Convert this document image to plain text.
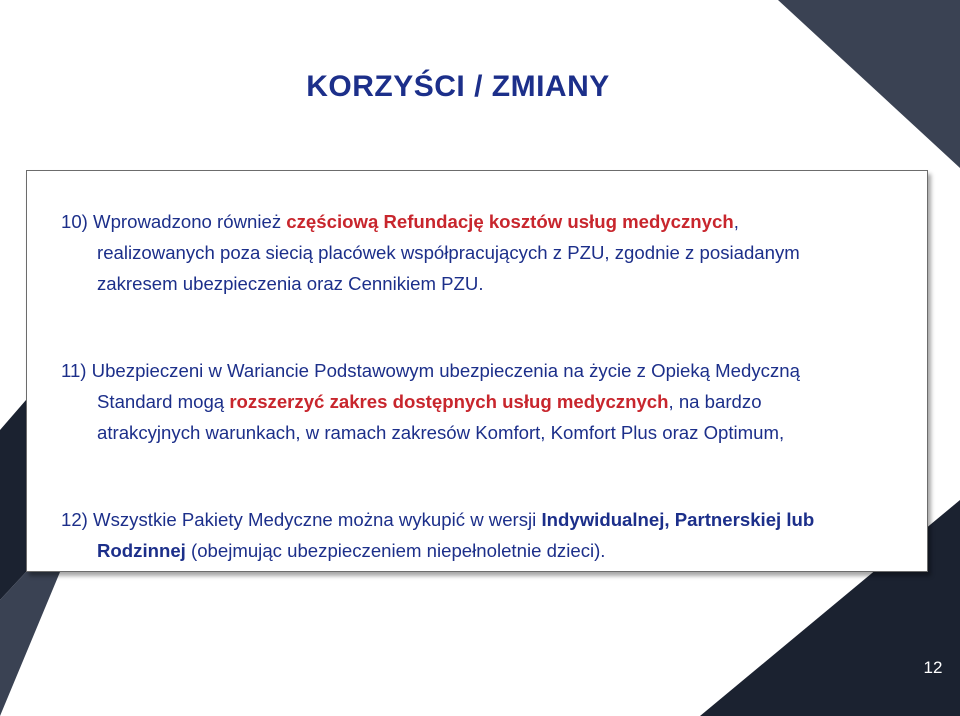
KORZYŚCI / ZMIANY
10) Wprowadzono również częściową Refundację kosztów usług medycznych,
realizowanych poza siecią placówek współpracujących z PZU, zgodnie z posiadanym
zakresem ubezpieczenia oraz Cennikiem PZU.
11) Ubezpieczeni w Wariancie Podstawowym ubezpieczenia na życie z Opieką Medyczną
Standard mogą rozszerzyć zakres dostępnych usług medycznych, na bardzo
atrakcyjnych warunkach, w ramach zakresów Komfort, Komfort Plus oraz Optimum,
12) Wszystkie Pakiety Medyczne można wykupić w wersji Indywidualnej, Partnerskiej lub
Rodzinnej (obejmując ubezpieczeniem niepełnoletnie dzieci).
12
